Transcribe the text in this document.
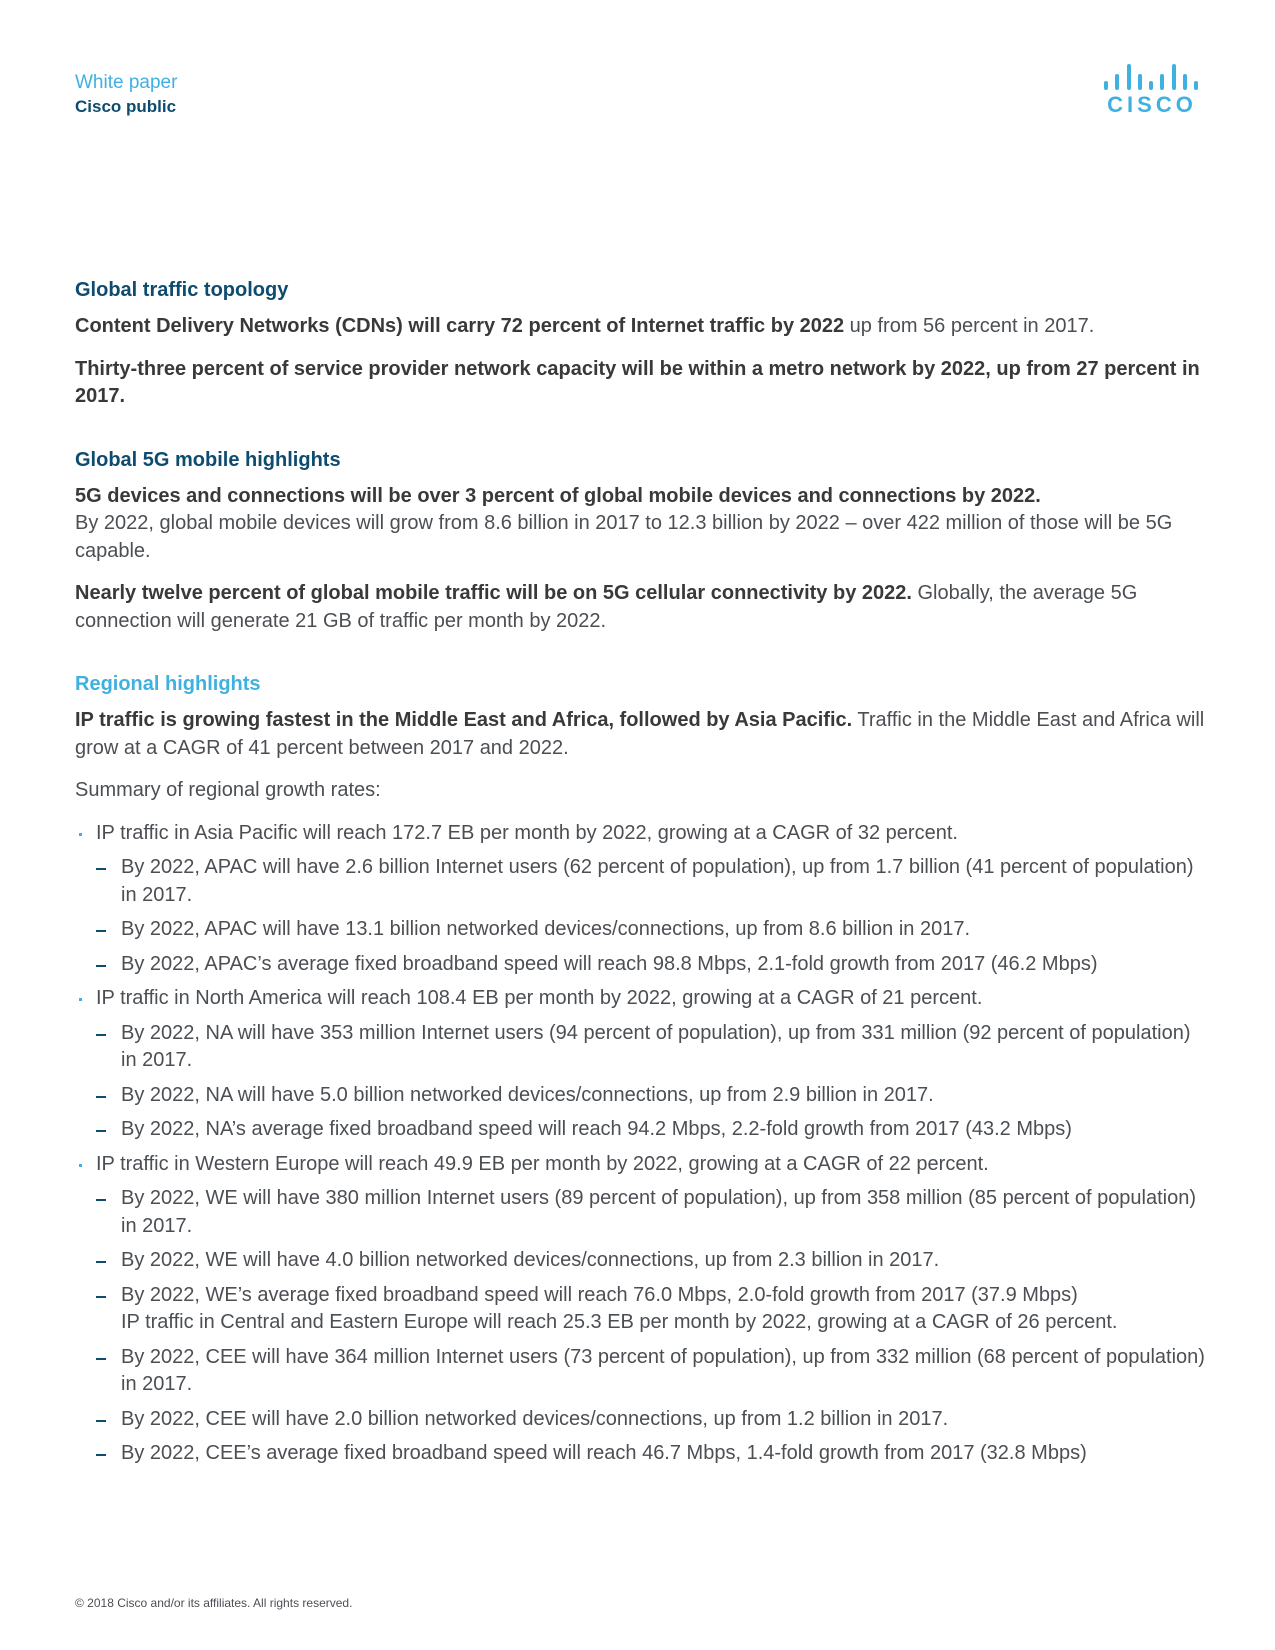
White paper
Cisco public	CISCO
Global traffic topology

Content Delivery Networks (CDNs) will carry 72 percent of Internet traffic by 2022 up from 56 percent in 2017.

Thirty-three percent of service provider network capacity will be within a metro network by 2022, up from 27 percent in 2017.

Global 5G mobile highlights

5G devices and connections will be over 3 percent of global mobile devices and connections by 2022.
By 2022, global mobile devices will grow from 8.6 billion in 2017 to 12.3 billion by 2022 – over 422 million of those will be 5G capable.

Nearly twelve percent of global mobile traffic will be on 5G cellular connectivity by 2022. Globally, the average 5G connection will generate 21 GB of traffic per month by 2022.

Regional highlights

IP traffic is growing fastest in the Middle East and Africa, followed by Asia Pacific. Traffic in the Middle East and Africa will grow at a CAGR of 41 percent between 2017 and 2022.

Summary of regional growth rates:

IP traffic in Asia Pacific will reach 172.7 EB per month by 2022, growing at a CAGR of 32 percent.
By 2022, APAC will have 2.6 billion Internet users (62 percent of population), up from 1.7 billion (41 percent of population) in 2017.
By 2022, APAC will have 13.1 billion networked devices/connections, up from 8.6 billion in 2017.
By 2022, APAC’s average fixed broadband speed will reach 98.8 Mbps, 2.1-fold growth from 2017 (46.2 Mbps)
IP traffic in North America will reach 108.4 EB per month by 2022, growing at a CAGR of 21 percent.
By 2022, NA will have 353 million Internet users (94 percent of population), up from 331 million (92 percent of population) in 2017.
By 2022, NA will have 5.0 billion networked devices/connections, up from 2.9 billion in 2017.
By 2022, NA’s average fixed broadband speed will reach 94.2 Mbps, 2.2-fold growth from 2017 (43.2 Mbps)
IP traffic in Western Europe will reach 49.9 EB per month by 2022, growing at a CAGR of 22 percent.
By 2022, WE will have 380 million Internet users (89 percent of population), up from 358 million (85 percent of population) in 2017.
By 2022, WE will have 4.0 billion networked devices/connections, up from 2.3 billion in 2017.
By 2022, WE’s average fixed broadband speed will reach 76.0 Mbps, 2.0-fold growth from 2017 (37.9 Mbps)
IP traffic in Central and Eastern Europe will reach 25.3 EB per month by 2022, growing at a CAGR of 26 percent.
By 2022, CEE will have 364 million Internet users (73 percent of population), up from 332 million (68 percent of population) in 2017.
By 2022, CEE will have 2.0 billion networked devices/connections, up from 1.2 billion in 2017.
By 2022, CEE’s average fixed broadband speed will reach 46.7 Mbps, 1.4-fold growth from 2017 (32.8 Mbps)
© 2018 Cisco and/or its affiliates. All rights reserved.
